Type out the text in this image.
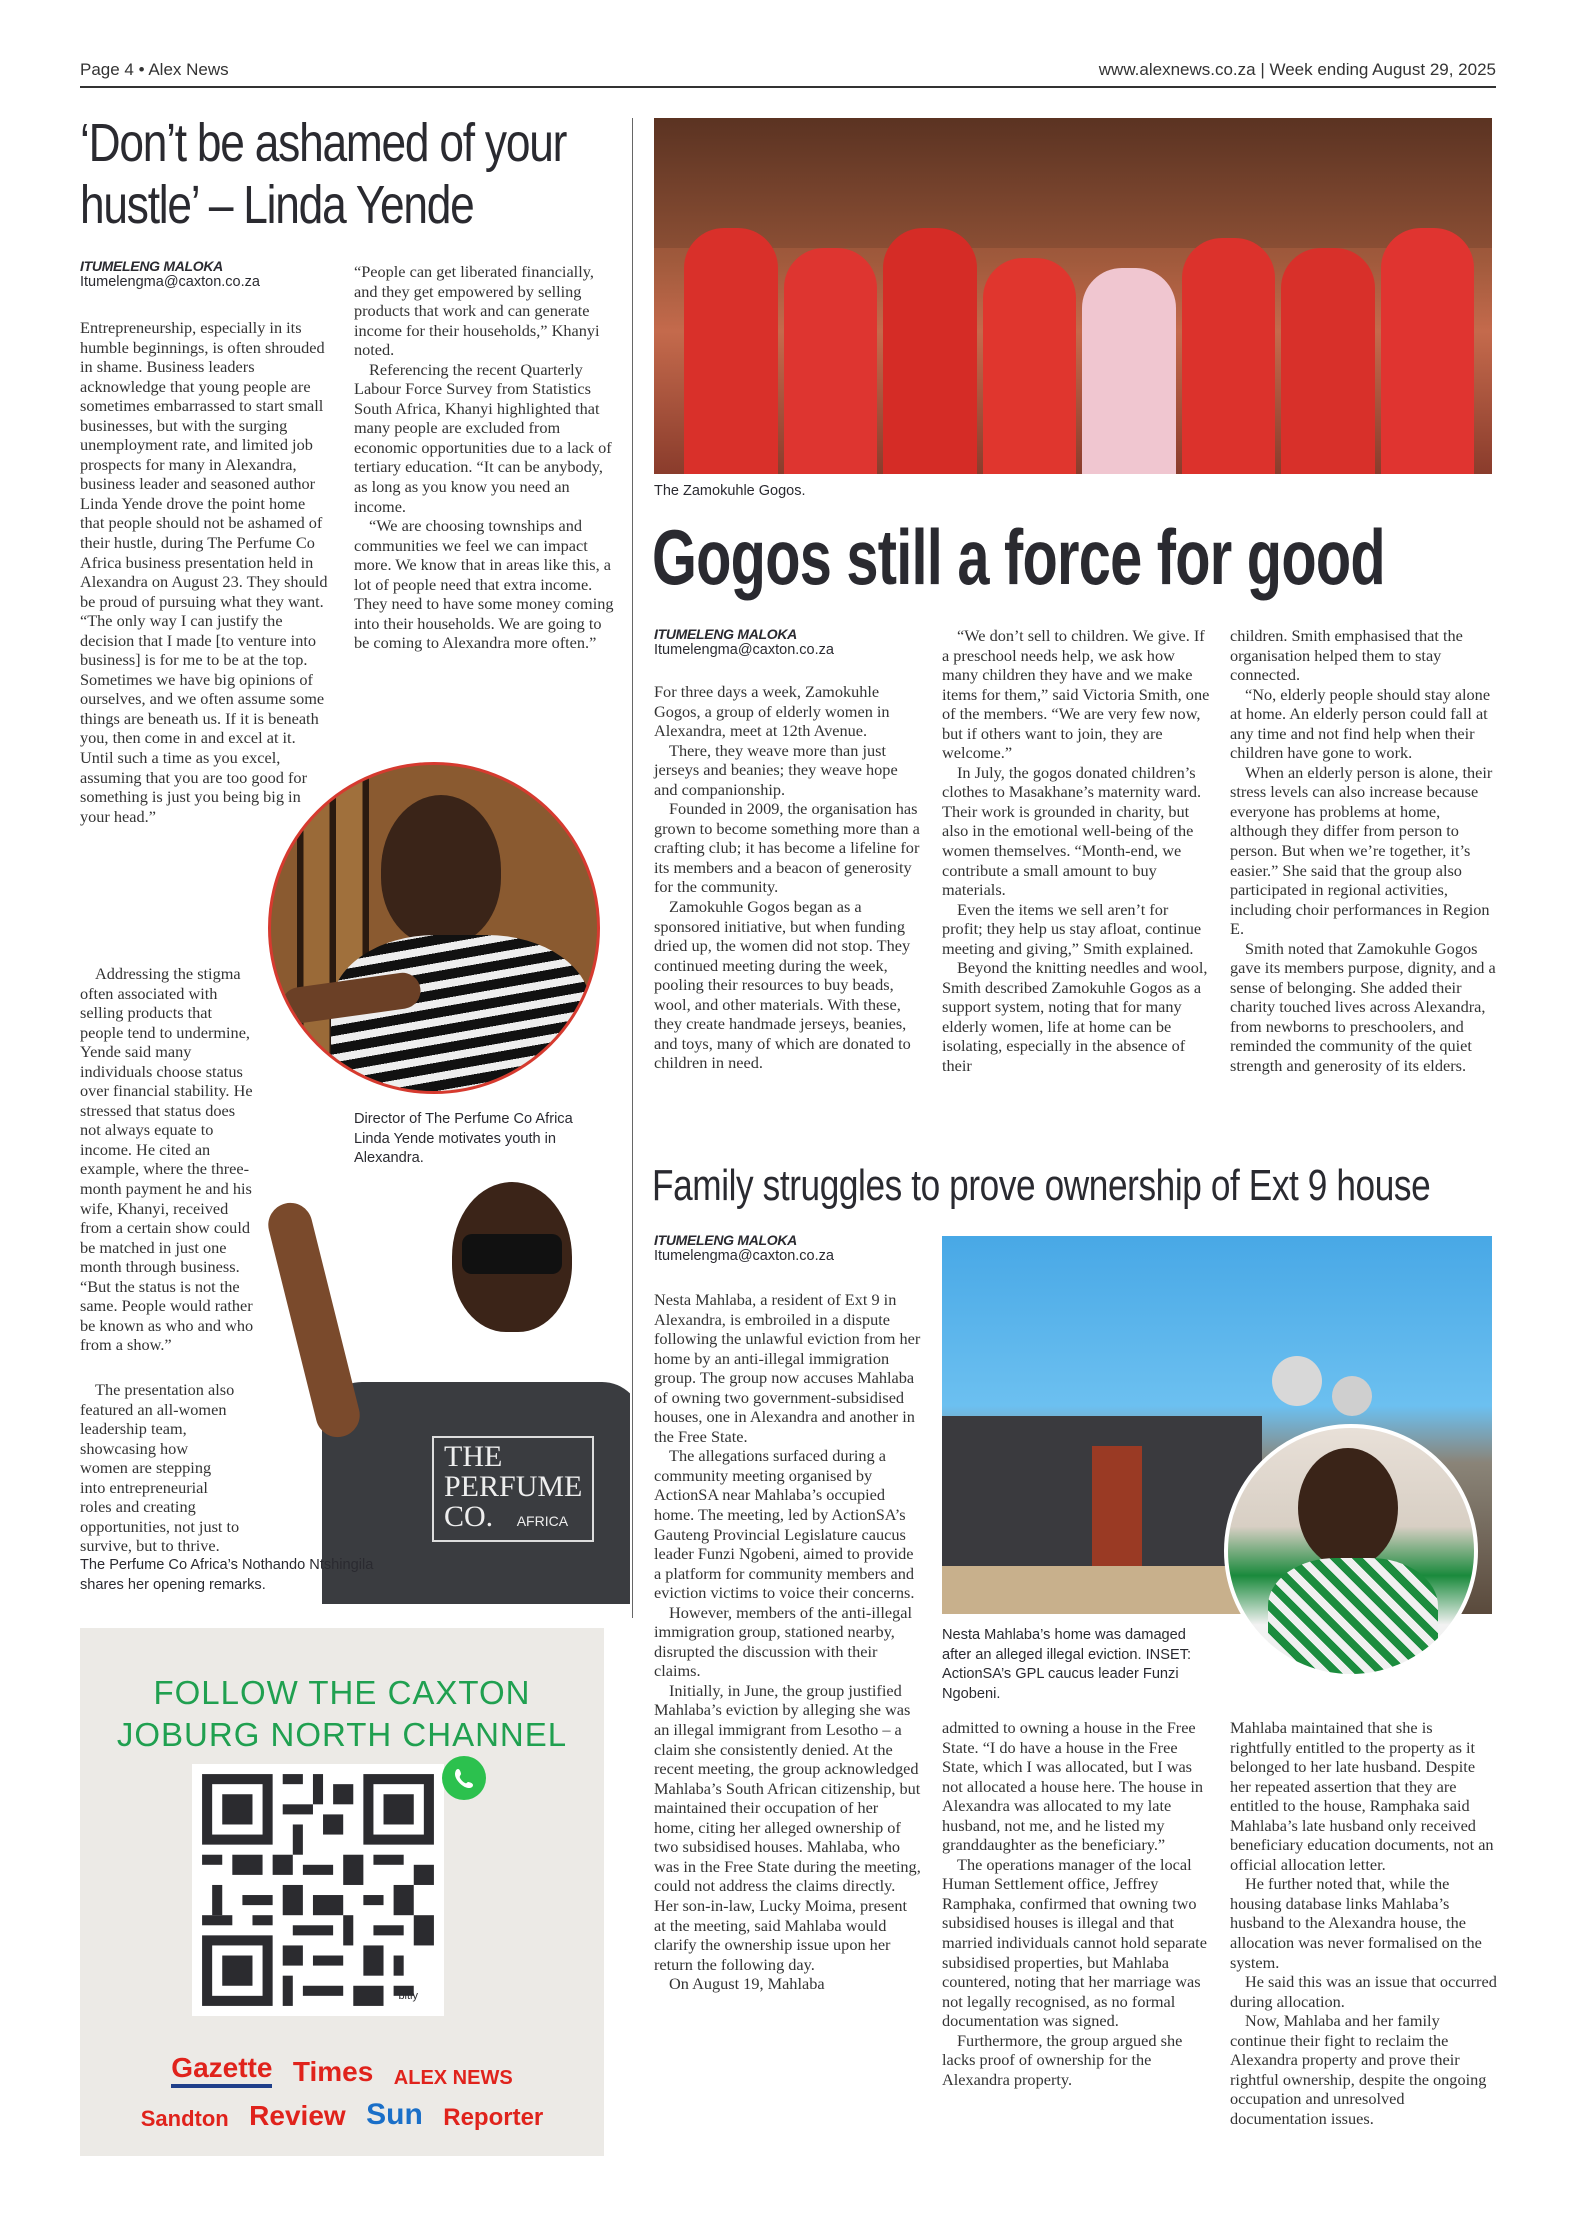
Page 4 • Alex News	www.alexnews.co.za | Week ending August 29, 2025
‘Don’t be ashamed of your hustle’ – Linda Yende
ITUMELENG MALOKA
Itumelengma@caxton.co.za

Entrepreneurship, especially in its humble beginnings, is often shrouded in shame. Business leaders acknowledge that young people are sometimes embarrassed to start small businesses, but with the surging unemployment rate, and limited job prospects for many in Alexandra, business leader and seasoned author Linda Yende drove the point home that people should not be ashamed of their hustle, during The Perfume Co Africa business presentation held in Alexandra on August 23. They should be proud of pursuing what they want. “The only way I can justify the decision that I made [to venture into business] is for me to be at the top. Sometimes we have big opinions of ourselves, and we often assume some things are beneath us. If it is beneath you, then come in and excel at it. Until such a time as you excel, assuming that you are too good for something is just you being big in your head.”

Addressing the stigma often associated with selling products that people tend to undermine, Yende said many individuals choose status over financial stability. He stressed that status does not always equate to income. He cited an example, where the three-month payment he and his wife, Khanyi, received from a certain show could be matched in just one month through business. “But the status is not the same. People would rather be known as who and who from a show.”

The presentation also featured an all-women leadership team, showcasing how women are stepping into entrepreneurial roles and creating opportunities, not just to survive, but to thrive.

“People can get liberated financially, and they get empowered by selling products that work and can generate income for their households,” Khanyi noted.

Referencing the recent Quarterly Labour Force Survey from Statistics South Africa, Khanyi highlighted that many people are excluded from economic opportunities due to a lack of tertiary education. “It can be anybody, as long as you know you need an income.

“We are choosing townships and communities we feel we can impact more. We know that in areas like this, a lot of people need that extra income. They need to have some money coming into their households. We are going to be coming to Alexandra more often.”

Director of The Perfume Co Africa Linda Yende motivates youth in Alexandra.
THE
PERFUME
CO. AFRICA
The Perfume Co Africa’s Nothando Ntshingila shares her opening remarks.
FOLLOW THE CAXTON
JOBURG NORTH CHANNEL
bitly
Gazette Times ALEX NEWS
Sandton Review Sun Reporter
The Zamokuhle Gogos.
Gogos still a force for good
ITUMELENG MALOKA
Itumelengma@caxton.co.za

For three days a week, Zamokuhle Gogos, a group of elderly women in Alexandra, meet at 12th Avenue.

There, they weave more than just jerseys and beanies; they weave hope and companionship.

Founded in 2009, the organisation has grown to become something more than a crafting club; it has become a lifeline for its members and a beacon of generosity for the community.

Zamokuhle Gogos began as a sponsored initiative, but when funding dried up, the women did not stop. They continued meeting during the week, pooling their resources to buy beads, wool, and other materials. With these, they create handmade jerseys, beanies, and toys, many of which are donated to children in need.

“We don’t sell to children. We give. If a preschool needs help, we ask how many children they have and we make items for them,” said Victoria Smith, one of the members. “We are very few now, but if others want to join, they are welcome.”

In July, the gogos donated children’s clothes to Masakhane’s maternity ward. Their work is grounded in charity, but also in the emotional well-being of the women themselves. “Month-end, we contribute a small amount to buy materials.

Even the items we sell aren’t for profit; they help us stay afloat, continue meeting and giving,” Smith explained.

Beyond the knitting needles and wool, Smith described Zamokuhle Gogos as a support system, noting that for many elderly women, life at home can be isolating, especially in the absence of their

children. Smith emphasised that the organisation helped them to stay connected.

“No, elderly people should stay alone at home. An elderly person could fall at any time and not find help when their children have gone to work.

When an elderly person is alone, their stress levels can also increase because everyone has problems at home, although they differ from person to person. But when we’re together, it’s easier.” She said that the group also participated in regional activities, including choir performances in Region E.

Smith noted that Zamokuhle Gogos gave its members purpose, dignity, and a sense of belonging. She added their charity touched lives across Alexandra, from newborns to preschoolers, and reminded the community of the quiet strength and generosity of its elders.

Family struggles to prove ownership of Ext 9 house
ITUMELENG MALOKA
Itumelengma@caxton.co.za

Nesta Mahlaba, a resident of Ext 9 in Alexandra, is embroiled in a dispute following the unlawful eviction from her home by an anti-illegal immigration group. The group now accuses Mahlaba of owning two government-subsidised houses, one in Alexandra and another in the Free State.

The allegations surfaced during a community meeting organised by ActionSA near Mahlaba’s occupied home. The meeting, led by ActionSA’s Gauteng Provincial Legislature caucus leader Funzi Ngobeni, aimed to provide a platform for community members and eviction victims to voice their concerns.

However, members of the anti-illegal immigration group, stationed nearby, disrupted the discussion with their claims.

Initially, in June, the group justified Mahlaba’s eviction by alleging she was an illegal immigrant from Lesotho – a claim she consistently denied. At the recent meeting, the group acknowledged Mahlaba’s South African citizenship, but maintained their occupation of her home, citing her alleged ownership of two subsidised houses. Mahlaba, who was in the Free State during the meeting, could not address the claims directly. Her son-in-law, Lucky Moima, present at the meeting, said Mahlaba would clarify the ownership issue upon her return the following day.

On August 19, Mahlaba

Nesta Mahlaba’s home was damaged after an alleged illegal eviction. INSET: ActionSA’s GPL caucus leader Funzi Ngobeni.

admitted to owning a house in the Free State. “I do have a house in the Free State, which I was allocated, but I was not allocated a house here. The house in Alexandra was allocated to my late husband, not me, and he listed my granddaughter as the beneficiary.”

The operations manager of the local Human Settlement office, Jeffrey Ramphaka, confirmed that owning two subsidised houses is illegal and that married individuals cannot hold separate subsidised properties, but Mahlaba countered, noting that her marriage was not legally recognised, as no formal documentation was signed.

Furthermore, the group argued she lacks proof of ownership for the Alexandra property.

Mahlaba maintained that she is rightfully entitled to the property as it belonged to her late husband. Despite her repeated assertion that they are entitled to the house, Ramphaka said Mahlaba’s late husband only received beneficiary education documents, not an official allocation letter.

He further noted that, while the housing database links Mahlaba’s husband to the Alexandra house, the allocation was never formalised on the system.

He said this was an issue that occurred during allocation.

Now, Mahlaba and her family continue their fight to reclaim the Alexandra property and prove their rightful ownership, despite the ongoing occupation and unresolved documentation issues.
